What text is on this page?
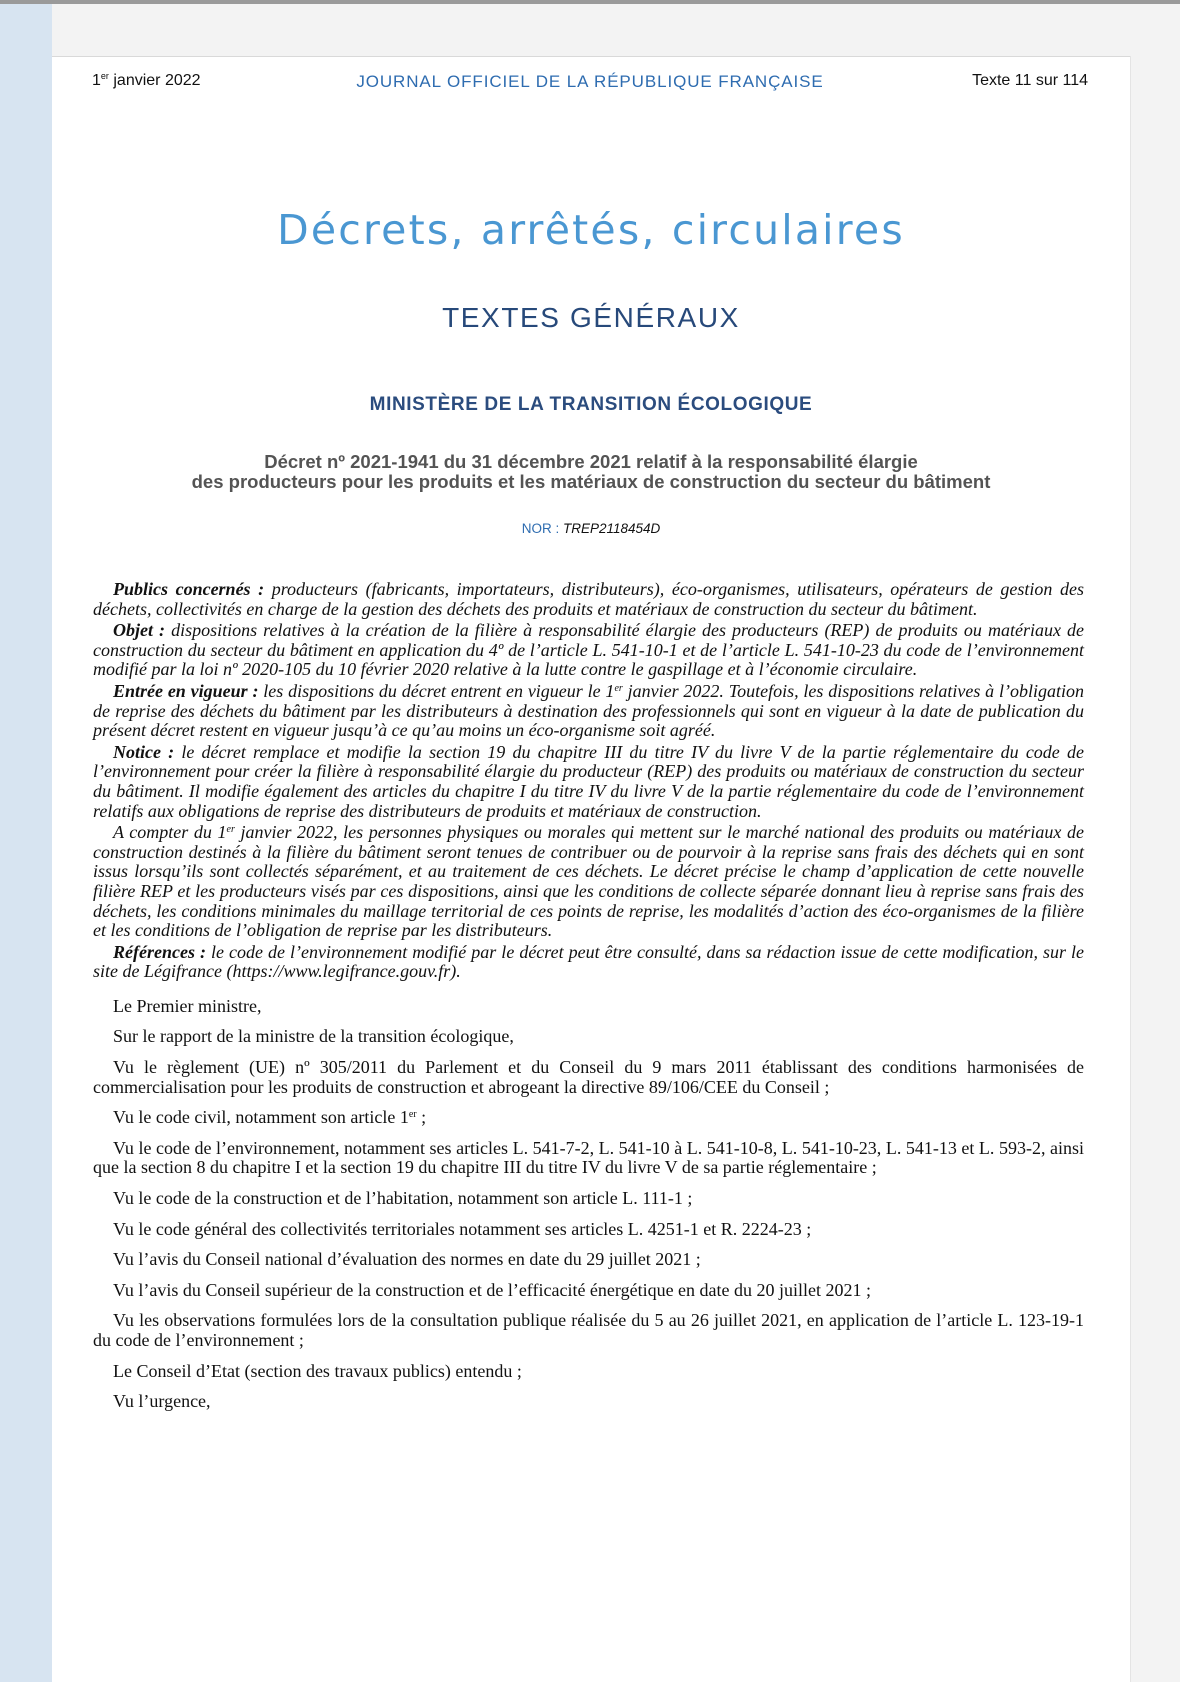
1er janvier 2022	JOURNAL OFFICIEL DE LA RÉPUBLIQUE FRANÇAISE	Texte 11 sur 114
Décrets, arrêtés, circulaires
TEXTES GÉNÉRAUX
MINISTÈRE DE LA TRANSITION ÉCOLOGIQUE
Décret nº 2021-1941 du 31 décembre 2021 relatif à la responsabilité élargie
des producteurs pour les produits et les matériaux de construction du secteur du bâtiment
NOR : TREP2118454D

Publics concernés : producteurs (fabricants, importateurs, distributeurs), éco-organismes, utilisateurs, opérateurs de gestion des déchets, collectivités en charge de la gestion des déchets des produits et matériaux de construction du secteur du bâtiment.

Objet : dispositions relatives à la création de la filière à responsabilité élargie des producteurs (REP) de produits ou matériaux de construction du secteur du bâtiment en application du 4º de l’article L. 541-10-1 et de l’article L. 541-10-23 du code de l’environnement modifié par la loi nº 2020-105 du 10 février 2020 relative à la lutte contre le gaspillage et à l’économie circulaire.

Entrée en vigueur : les dispositions du décret entrent en vigueur le 1er janvier 2022. Toutefois, les dispositions relatives à l’obligation de reprise des déchets du bâtiment par les distributeurs à destination des professionnels qui sont en vigueur à la date de publication du présent décret restent en vigueur jusqu’à ce qu’au moins un éco-organisme soit agréé.

Notice : le décret remplace et modifie la section 19 du chapitre III du titre IV du livre V de la partie réglementaire du code de l’environnement pour créer la filière à responsabilité élargie du producteur (REP) des produits ou matériaux de construction du secteur du bâtiment. Il modifie également des articles du chapitre I du titre IV du livre V de la partie réglementaire du code de l’environnement relatifs aux obligations de reprise des distributeurs de produits et matériaux de construction.

A compter du 1er janvier 2022, les personnes physiques ou morales qui mettent sur le marché national des produits ou matériaux de construction destinés à la filière du bâtiment seront tenues de contribuer ou de pourvoir à la reprise sans frais des déchets qui en sont issus lorsqu’ils sont collectés séparément, et au traitement de ces déchets. Le décret précise le champ d’application de cette nouvelle filière REP et les producteurs visés par ces dispositions, ainsi que les conditions de collecte séparée donnant lieu à reprise sans frais des déchets, les conditions minimales du maillage territorial de ces points de reprise, les modalités d’action des éco-organismes de la filière et les conditions de l’obligation de reprise par les distributeurs.

Références : le code de l’environnement modifié par le décret peut être consulté, dans sa rédaction issue de cette modification, sur le site de Légifrance (https://www.legifrance.gouv.fr).

Le Premier ministre,

Sur le rapport de la ministre de la transition écologique,

Vu le règlement (UE) nº 305/2011 du Parlement et du Conseil du 9 mars 2011 établissant des conditions harmonisées de commercialisation pour les produits de construction et abrogeant la directive 89/106/CEE du Conseil ;

Vu le code civil, notamment son article 1er ;

Vu le code de l’environnement, notamment ses articles L. 541-7-2, L. 541-10 à L. 541-10-8, L. 541-10-23, L. 541-13 et L. 593-2, ainsi que la section 8 du chapitre I et la section 19 du chapitre III du titre IV du livre V de sa partie réglementaire ;

Vu le code de la construction et de l’habitation, notamment son article L. 111-1 ;

Vu le code général des collectivités territoriales notamment ses articles L. 4251-1 et R. 2224-23 ;

Vu l’avis du Conseil national d’évaluation des normes en date du 29 juillet 2021 ;

Vu l’avis du Conseil supérieur de la construction et de l’efficacité énergétique en date du 20 juillet 2021 ;

Vu les observations formulées lors de la consultation publique réalisée du 5 au 26 juillet 2021, en application de l’article L. 123-19-1 du code de l’environnement ;

Le Conseil d’Etat (section des travaux publics) entendu ;

Vu l’urgence,
